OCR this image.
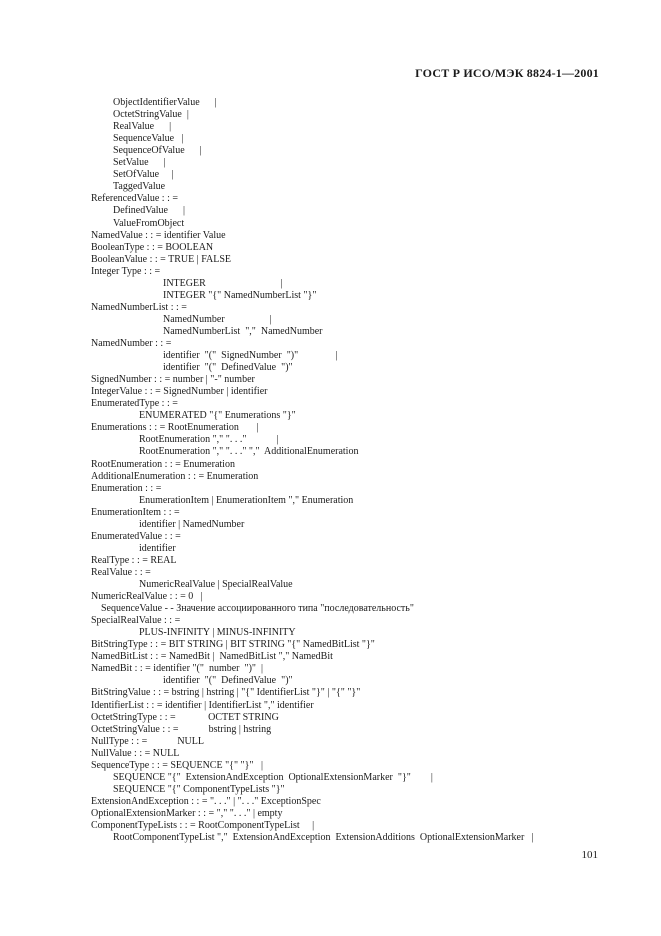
ГОСТ Р ИСО/МЭК 8824-1—2001
ObjectIdentifierValue      |
OctetStringValue  |
RealValue      |
SequenceValue   |
SequenceOfValue      |
SetValue      |
SetOfValue     |
TaggedValue
ReferencedValue : : =
DefinedValue      |
ValueFromObject
NamedValue : : = identifier Value
BooleanType : : = BOOLEAN
BooleanValue : : = TRUE | FALSE
Integer Type : : =
INTEGER                              |
INTEGER "{" NamedNumberList "}"
NamedNumberList : : =
NamedNumber                  |
NamedNumberList  ","  NamedNumber
NamedNumber : : =
identifier  "("  SignedNumber  ")"               |
identifier  "("  DefinedValue  ")"
SignedNumber : : = number | "-" number
IntegerValue : : = SignedNumber | identifier
EnumeratedType : : =
ENUMERATED "{" Enumerations "}"
Enumerations : : = RootEnumeration       |
RootEnumeration "," ". . ."            |
RootEnumeration "," ". . ." ","  AdditionalEnumeration
RootEnumeration : : = Enumeration
AdditionalEnumeration : : = Enumeration
Enumeration : : =
EnumerationItem | EnumerationItem "," Enumeration
EnumerationItem : : =
identifier | NamedNumber
EnumeratedValue : : =
identifier
RealType : : = REAL
RealValue : : =
NumericRealValue | SpecialRealValue
NumericRealValue : : = 0   |
SequenceValue - - Значение ассоциированного типа "последовательность"
SpecialRealValue : : =
PLUS-INFINITY | MINUS-INFINITY
BitStringType : : = BIT STRING | BIT STRING "{" NamedBitList "}"
NamedBitList : : = NamedBit |  NamedBitList "," NamedBit
NamedBit : : = identifier "("  number  ")"  |
identifier  "("  DefinedValue  ")"
BitStringValue : : = bstring | hstring | "{" IdentifierList "}" | "{" "}"
IdentifierList : : = identifier | IdentifierList "," identifier
OctetStringType : : =             OCTET STRING
OctetStringValue : : =            bstring | hstring
NullType : : =            NULL
NullValue : : = NULL
SequenceType : : = SEQUENCE "{" "}"   |
SEQUENCE "{"  ExtensionAndException  OptionalExtensionMarker  "}"        |
SEQUENCE "{" ComponentTypeLists "}"
ExtensionAndException : : = ". . ." | ". . ." ExceptionSpec
OptionalExtensionMarker : : = "," ". . ." | empty
ComponentTypeLists : : = RootComponentTypeList     |
RootComponentTypeList ","  ExtensionAndException  ExtensionAdditions  OptionalExtensionMarker   |
101
